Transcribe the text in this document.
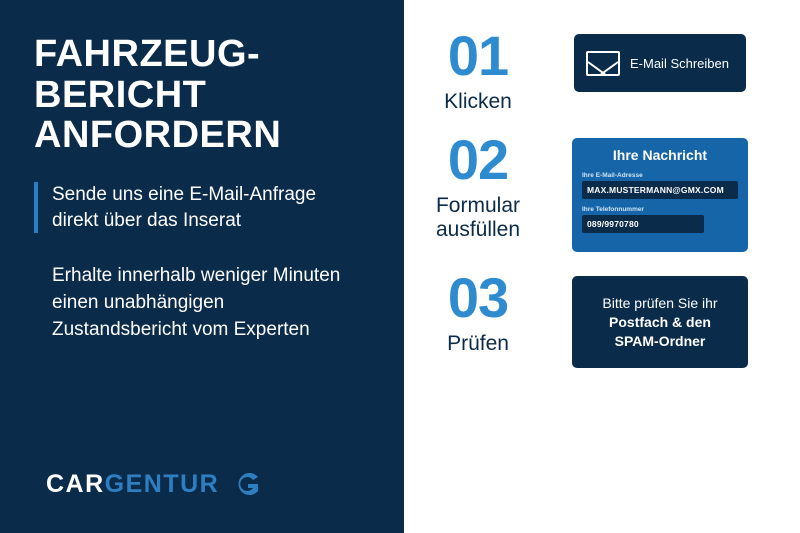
FAHRZEUG-
BERICHT
ANFORDERN
Sende uns eine E-Mail-Anfrage
direkt über das Inserat
Erhalte innerhalb weniger Minuten
einen unabhängigen
Zustandsbericht vom Experten
CARGENTUR
01
Klicken
E-Mail Schreiben
02
Formular
ausfüllen
Ihre Nachricht
Ihre E-Mail-Adresse
MAX.MUSTERMANN@GMX.COM
Ihre Telefonnummer
089/9970780
03
Prüfen
Bitte prüfen Sie ihr
Postfach & den
SPAM-Ordner
